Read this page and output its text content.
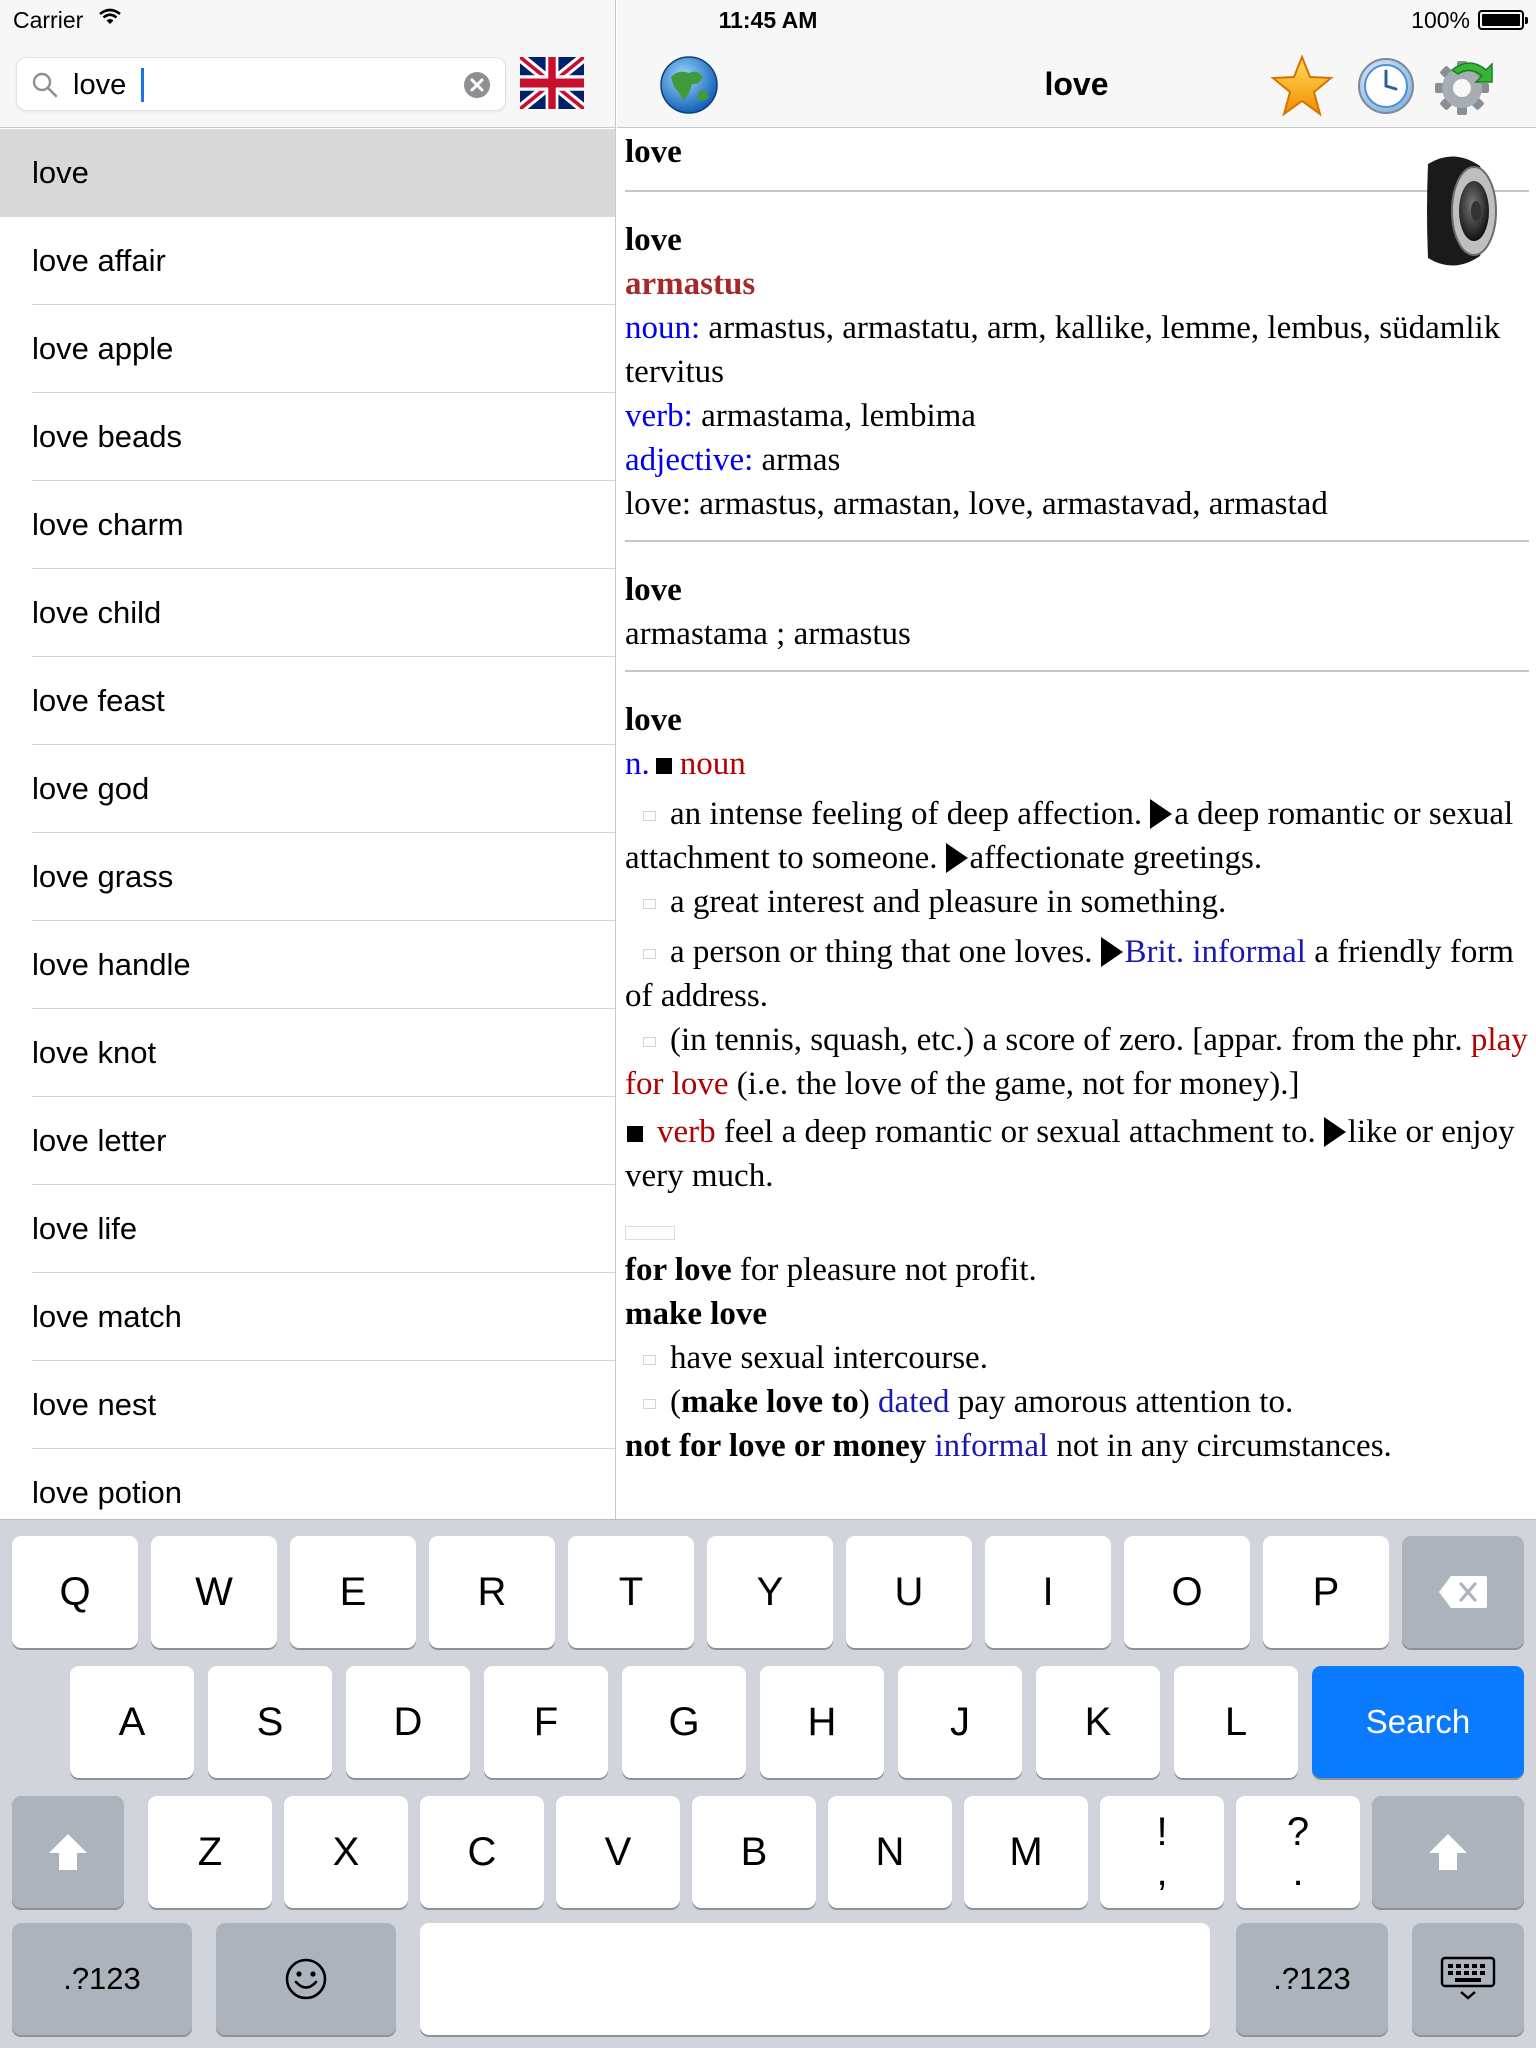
Carrier	11:45 AM	100%
love
love
love affair
love apple
love beads
love charm
love child
love feast
love god
love grass
love handle
love knot
love letter
love life
love match
love nest
love potion
love
love
love
armastus
noun: armastus, armastatu, arm, kallike, lemme, lembus, südamlik tervitus
verb: armastama, lembima
adjective: armas
love: armastus, armastan, love, armastavad, armastad
love
armastama ; armastus
love
n. noun
an intense feeling of deep affection. a deep romantic or sexual attachment to someone. affectionate greetings.
a great interest and pleasure in something.
a person or thing that one loves. Brit. informal a friendly form of address.
(in tennis, squash, etc.) a score of zero. [appar. from the phr. play for love (i.e. the love of the game, not for money).]
verb feel a deep romantic or sexual attachment to. like or enjoy very much.
for love for pleasure not profit.
make love
have sexual intercourse.
(make love to) dated pay amorous attention to.
not for love or money informal not in any circumstances.
Q	W	E	R	T	Y	U	I	O	P
A	S	D	F	G	H	J	K	L	Search
Z	X	C	V	B	N	M	!
,
?
.
.?123	.?123
